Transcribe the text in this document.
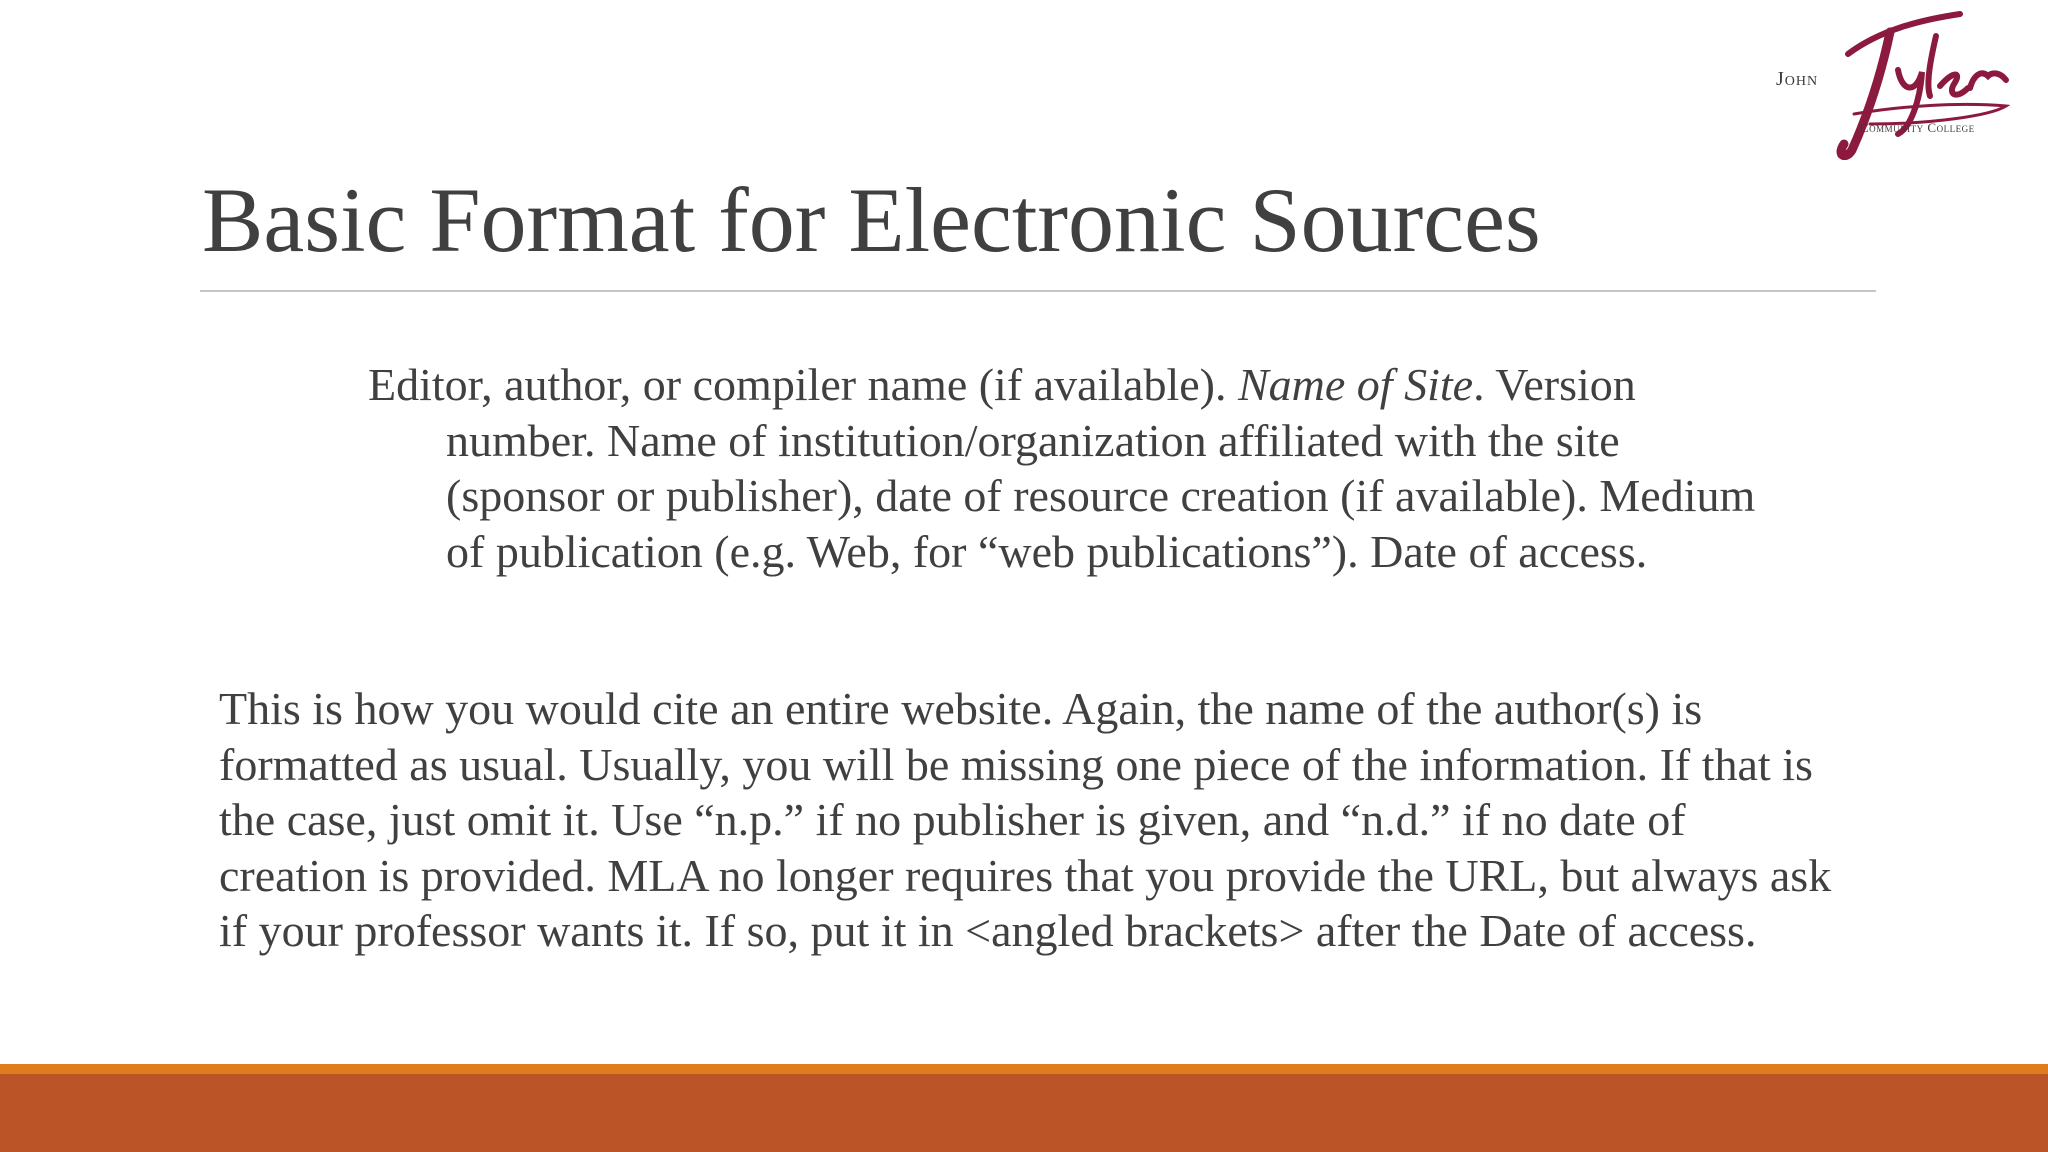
John
Community College
Basic Format for Electronic Sources

Editor, author, or compiler name (if available). Name of Site. Version number. Name of institution/organization affiliated with the site (sponsor or publisher), date of resource creation (if available). Medium of publication (e.g. Web, for “web publications”). Date of access.

This is how you would cite an entire website. Again, the name of the author(s) is formatted as usual. Usually, you will be missing one piece of the information. If that is the case, just omit it. Use “n.p.” if no publisher is given, and “n.d.” if no date of creation is provided. MLA no longer requires that you provide the URL, but always ask if your professor wants it. If so, put it in <angled brackets> after the Date of access.
